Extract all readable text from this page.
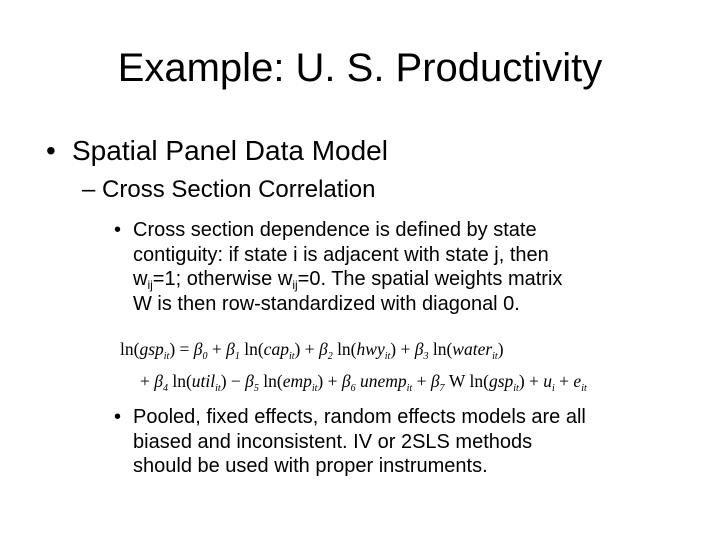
Example: U. S. Productivity
• Spatial Panel Data Model
– Cross Section Correlation
• Cross section dependence is defined by state
contiguity: if state i is adjacent with state j, then
$w_{ij}=1$; otherwise $w_{ij}=0$. The spatial weights matrix
W is then row-standardized with diagonal 0.
$\ln(gsp_{it}) = \beta_0 + \beta_1$ $\ln(cap_{it}) + \beta_2$ $\ln(hwy_{it}) + \beta_3$ ln(water$_{it}$)
+ $\beta_4$ ln(util$_{it}$) − $\beta_5$ $\ln(emp_{it}) + \beta_6$ unemp$_{it}$ + $\beta_7$ W $\ln(gsp_{it}) + u_i + e_{it}$
• Pooled, fixed effects, random effects models are all
biased and inconsistent. IV or 2SLS methods
should be used with proper instruments.
